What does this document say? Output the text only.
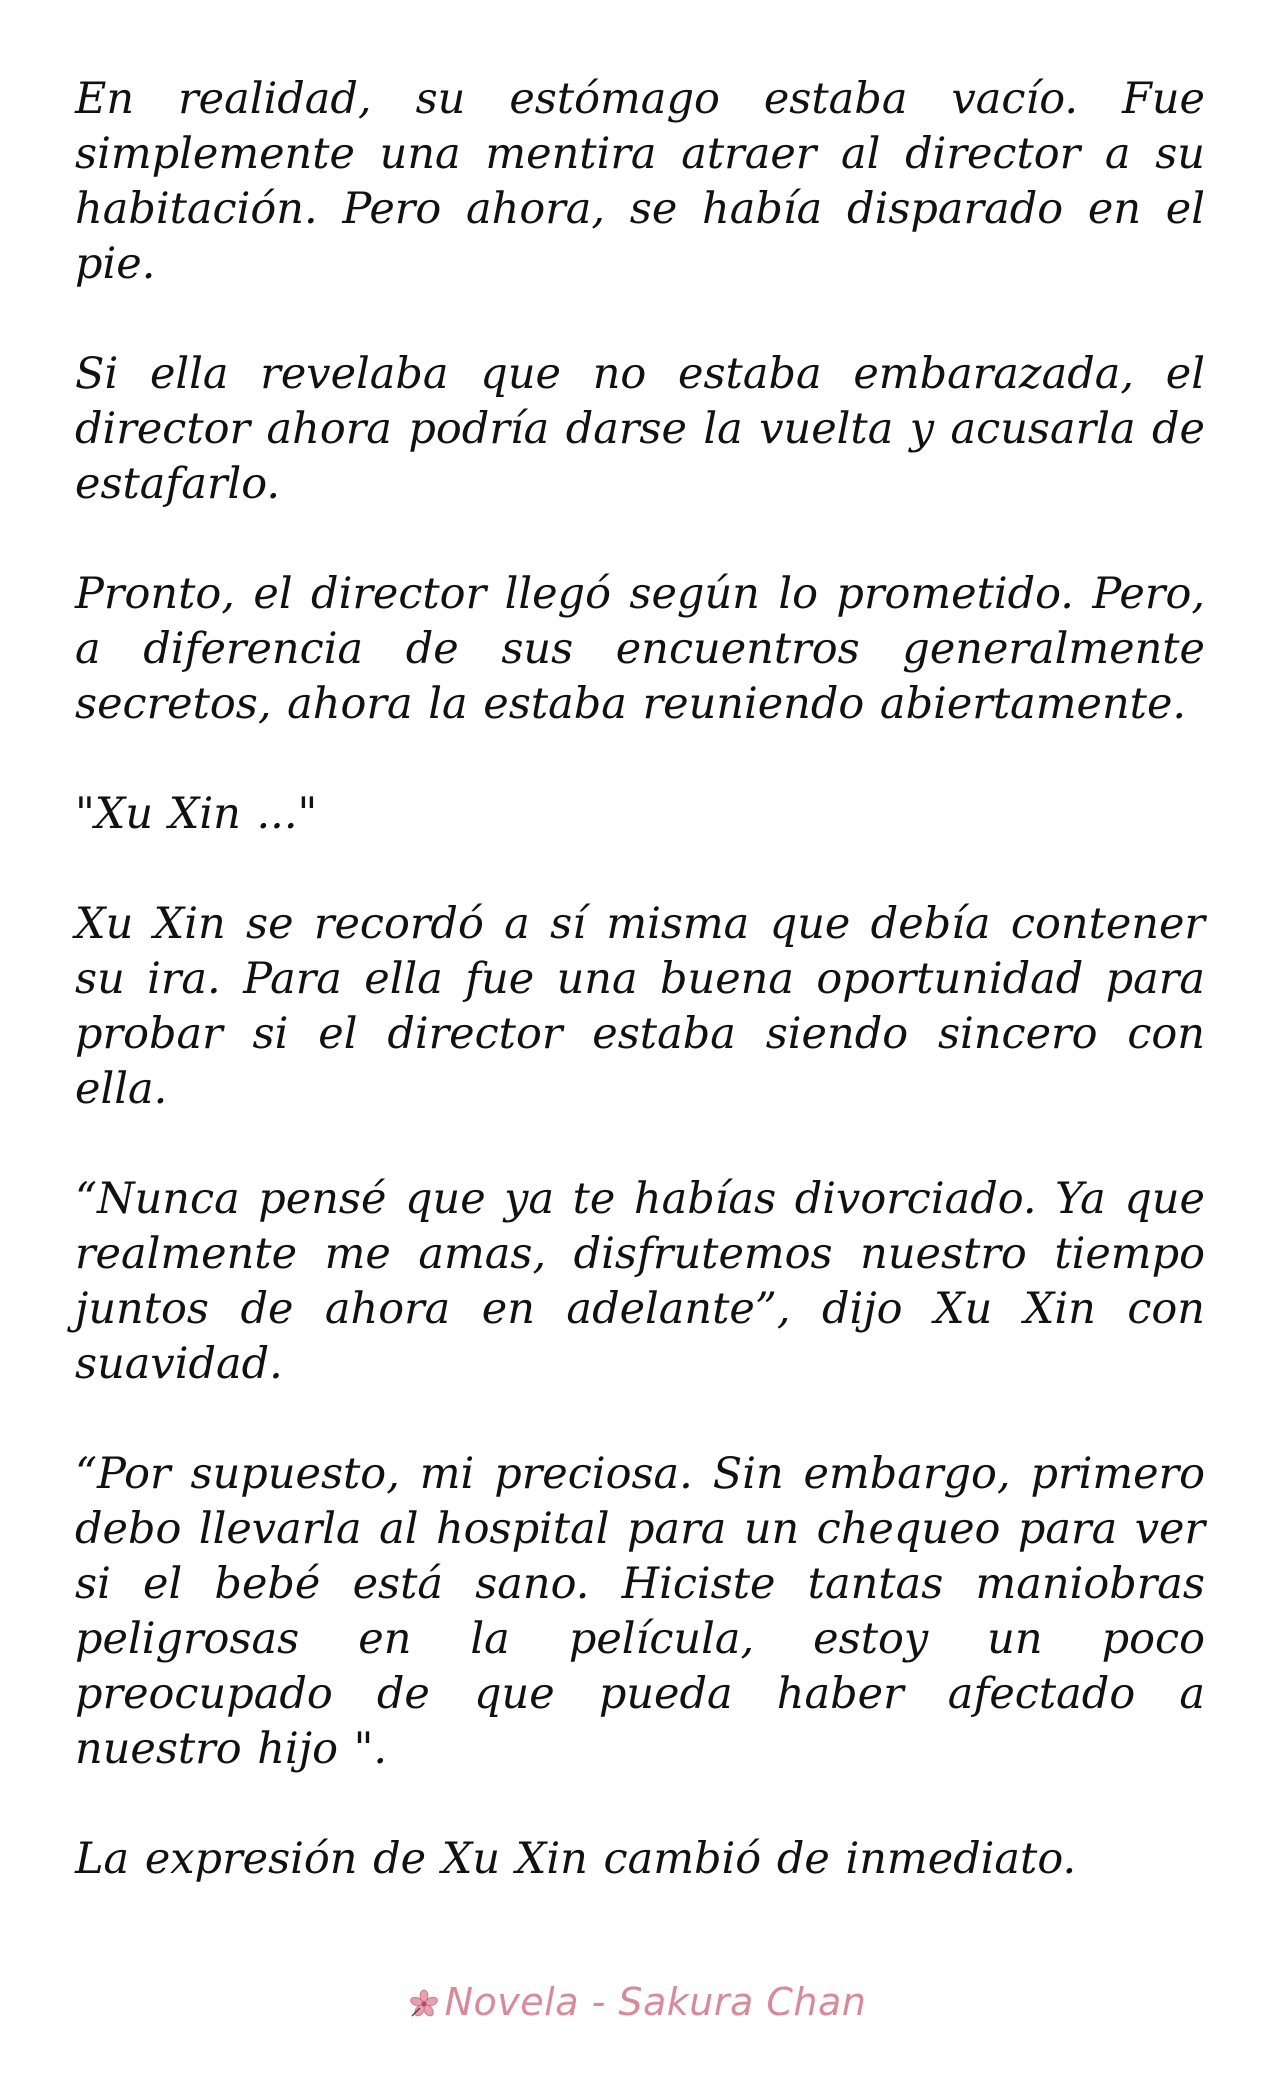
En realidad, su estómago estaba vacío. Fue simplemente una mentira atraer al director a su habitación. Pero ahora, se había disparado en el pie.

Si ella revelaba que no estaba embarazada, el director ahora podría darse la vuelta y acusarla de estafarlo.

Pronto, el director llegó según lo prometido. Pero, a diferencia de sus encuentros generalmente secretos, ahora la estaba reuniendo abiertamente.

"Xu Xin ..."

Xu Xin se recordó a sí misma que debía contener su ira. Para ella fue una buena oportunidad para probar si el director estaba siendo sincero con ella.

“Nunca pensé que ya te habías divorciado. Ya que realmente me amas, disfrutemos nuestro tiempo juntos de ahora en adelante”, dijo Xu Xin con suavidad.

“Por supuesto, mi preciosa. Sin embargo, primero debo llevarla al hospital para un chequeo para ver si el bebé está sano. Hiciste tantas maniobras peligrosas en la película, estoy un poco preocupado de que pueda haber afectado a nuestro hijo ".

La expresión de Xu Xin cambió de inmediato.

Novela - Sakura Chan
